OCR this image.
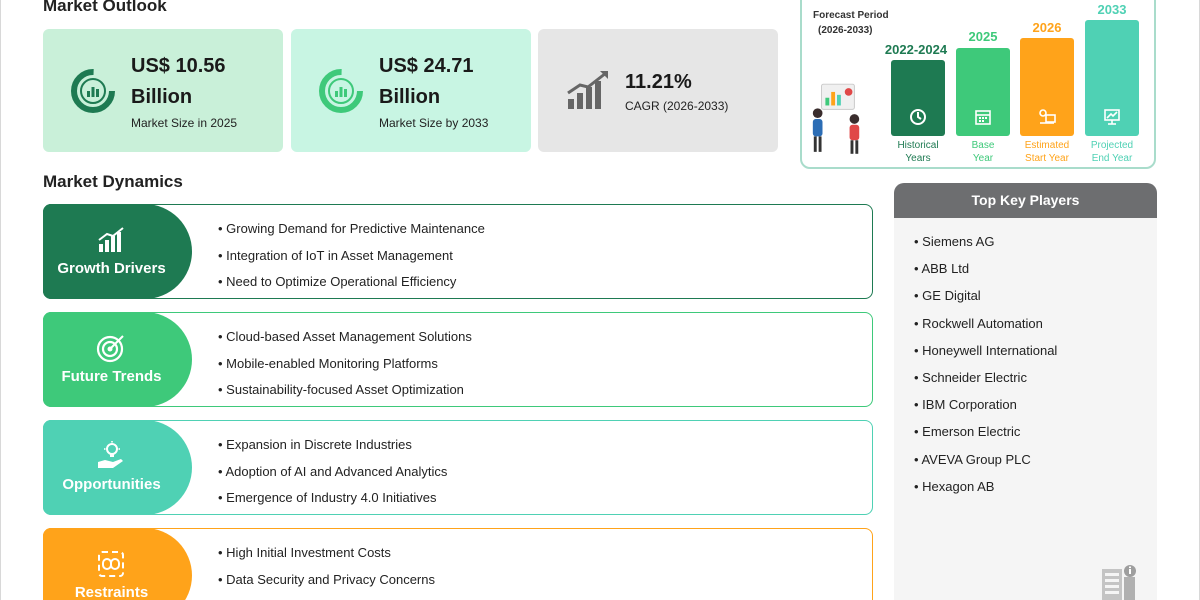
Market Outlook
US$ 10.56
Billion
Market Size in 2025
US$ 24.71
Billion
Market Size by 2033
11.21%
CAGR (2026-2033)
Forecast Period
(2026-2033)
2022-2024
Historical
Years
2025
Base
Year
2026
Estimated
Start Year
2033
Projected
End Year
Market Dynamics
Growth Drivers
• Growing Demand for Predictive Maintenance
• Integration of IoT in Asset Management
• Need to Optimize Operational Efficiency
Future Trends
• Cloud-based Asset Management Solutions
• Mobile-enabled Monitoring Platforms
• Sustainability-focused Asset Optimization
Opportunities
• Expansion in Discrete Industries
• Adoption of AI and Advanced Analytics
• Emergence of Industry 4.0 Initiatives
Restraints
• High Initial Investment Costs
• Data Security and Privacy Concerns
Top Key Players
• Siemens AG
• ABB Ltd
• GE Digital
• Rockwell Automation
• Honeywell International
• Schneider Electric
• IBM Corporation
• Emerson Electric
• AVEVA Group PLC
• Hexagon AB
